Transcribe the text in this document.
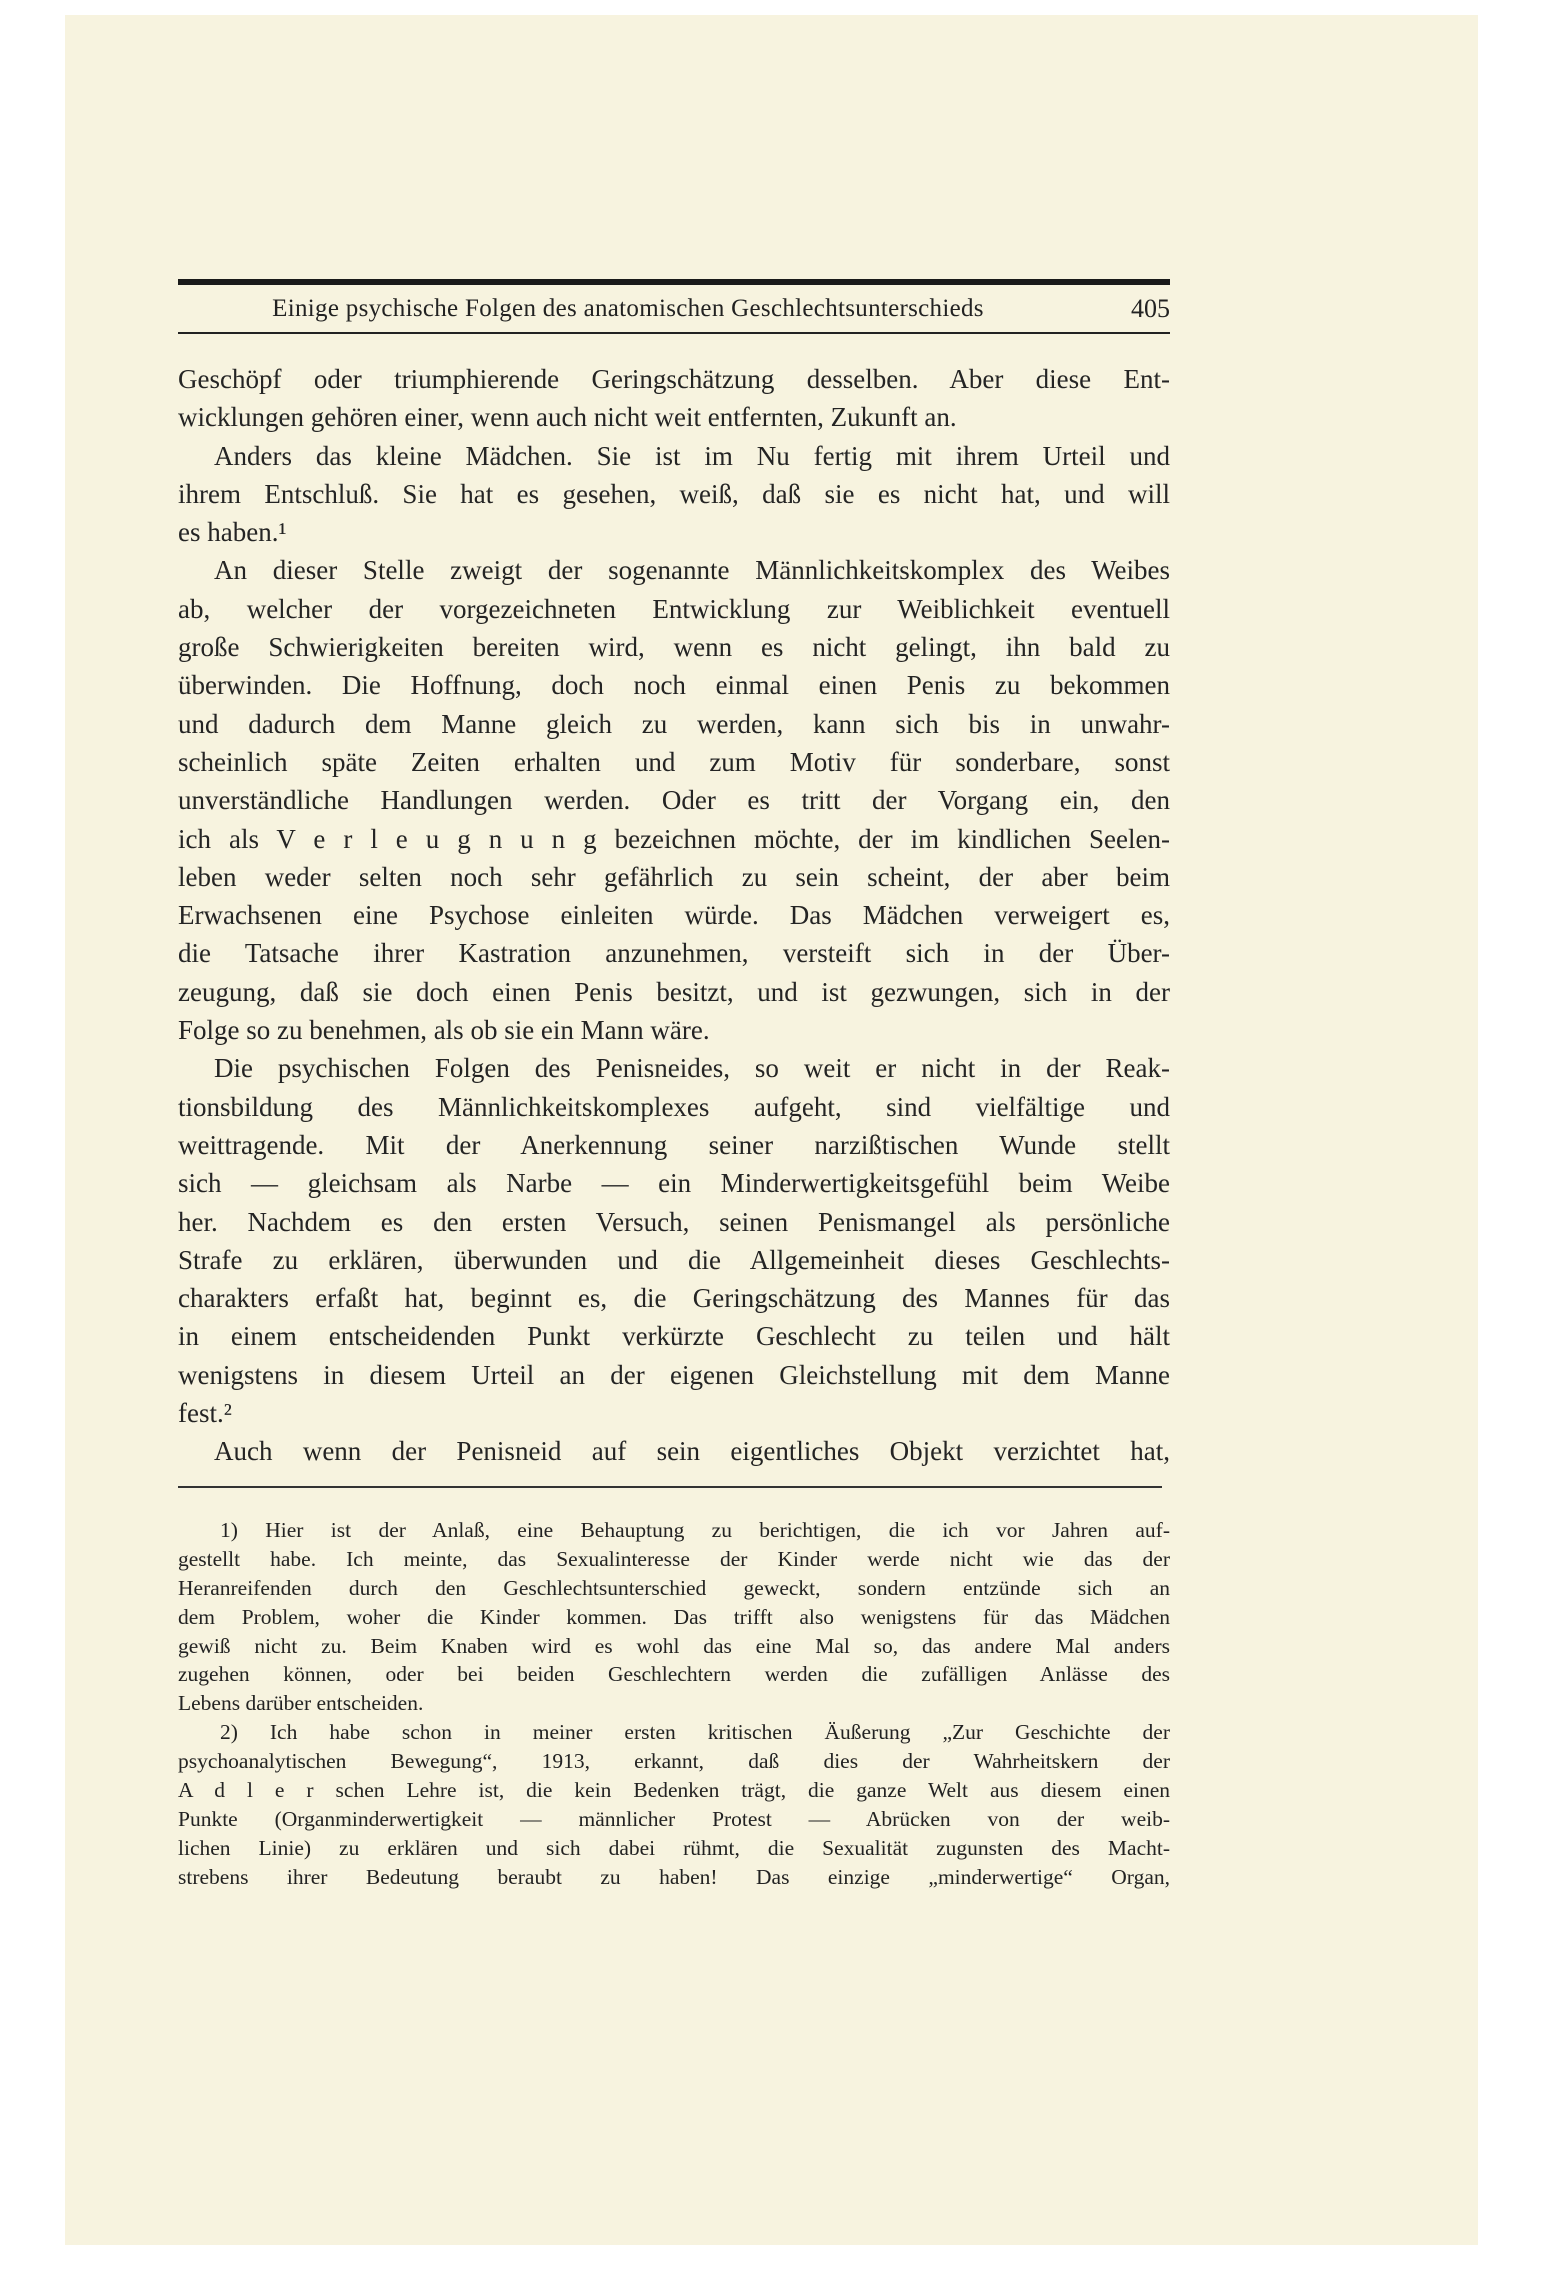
Einige psychische Folgen des anatomischen Geschlechtsunterschieds	405
Geschöpf oder triumphierende Geringschätzung desselben. Aber diese Ent-
wicklungen gehören einer, wenn auch nicht weit entfernten, Zukunft an.
Anders das kleine Mädchen. Sie ist im Nu fertig mit ihrem Urteil und
ihrem Entschluß. Sie hat es gesehen, weiß, daß sie es nicht hat, und will
es haben.¹
An dieser Stelle zweigt der sogenannte Männlichkeitskomplex des Weibes
ab, welcher der vorgezeichneten Entwicklung zur Weiblichkeit eventuell
große Schwierigkeiten bereiten wird, wenn es nicht gelingt, ihn bald zu
überwinden. Die Hoffnung, doch noch einmal einen Penis zu bekommen
und dadurch dem Manne gleich zu werden, kann sich bis in unwahr-
scheinlich späte Zeiten erhalten und zum Motiv für sonderbare, sonst
unverständliche Handlungen werden. Oder es tritt der Vorgang ein, den
ich als V e r l e u g n u n g bezeichnen möchte, der im kindlichen Seelen-
leben weder selten noch sehr gefährlich zu sein scheint, der aber beim
Erwachsenen eine Psychose einleiten würde. Das Mädchen verweigert es,
die Tatsache ihrer Kastration anzunehmen, versteift sich in der Über-
zeugung, daß sie doch einen Penis besitzt, und ist gezwungen, sich in der
Folge so zu benehmen, als ob sie ein Mann wäre.
Die psychischen Folgen des Penisneides, so weit er nicht in der Reak-
tionsbildung des Männlichkeitskomplexes aufgeht, sind vielfältige und
weittragende. Mit der Anerkennung seiner narzißtischen Wunde stellt
sich — gleichsam als Narbe — ein Minderwertigkeitsgefühl beim Weibe
her. Nachdem es den ersten Versuch, seinen Penismangel als persönliche
Strafe zu erklären, überwunden und die Allgemeinheit dieses Geschlechts-
charakters erfaßt hat, beginnt es, die Geringschätzung des Mannes für das
in einem entscheidenden Punkt verkürzte Geschlecht zu teilen und hält
wenigstens in diesem Urteil an der eigenen Gleichstellung mit dem Manne
fest.²
Auch wenn der Penisneid auf sein eigentliches Objekt verzichtet hat,
1) Hier ist der Anlaß, eine Behauptung zu berichtigen, die ich vor Jahren auf-
gestellt habe. Ich meinte, das Sexualinteresse der Kinder werde nicht wie das der
Heranreifenden durch den Geschlechtsunterschied geweckt, sondern entzünde sich an
dem Problem, woher die Kinder kommen. Das trifft also wenigstens für das Mädchen
gewiß nicht zu. Beim Knaben wird es wohl das eine Mal so, das andere Mal anders
zugehen können, oder bei beiden Geschlechtern werden die zufälligen Anlässe des
Lebens darüber entscheiden.
2) Ich habe schon in meiner ersten kritischen Äußerung „Zur Geschichte der
psychoanalytischen Bewegung“, 1913, erkannt, daß dies der Wahrheitskern der
A d l e r schen Lehre ist, die kein Bedenken trägt, die ganze Welt aus diesem einen
Punkte (Organminderwertigkeit — männlicher Protest — Abrücken von der weib-
lichen Linie) zu erklären und sich dabei rühmt, die Sexualität zugunsten des Macht-
strebens ihrer Bedeutung beraubt zu haben! Das einzige „minderwertige“ Organ,
